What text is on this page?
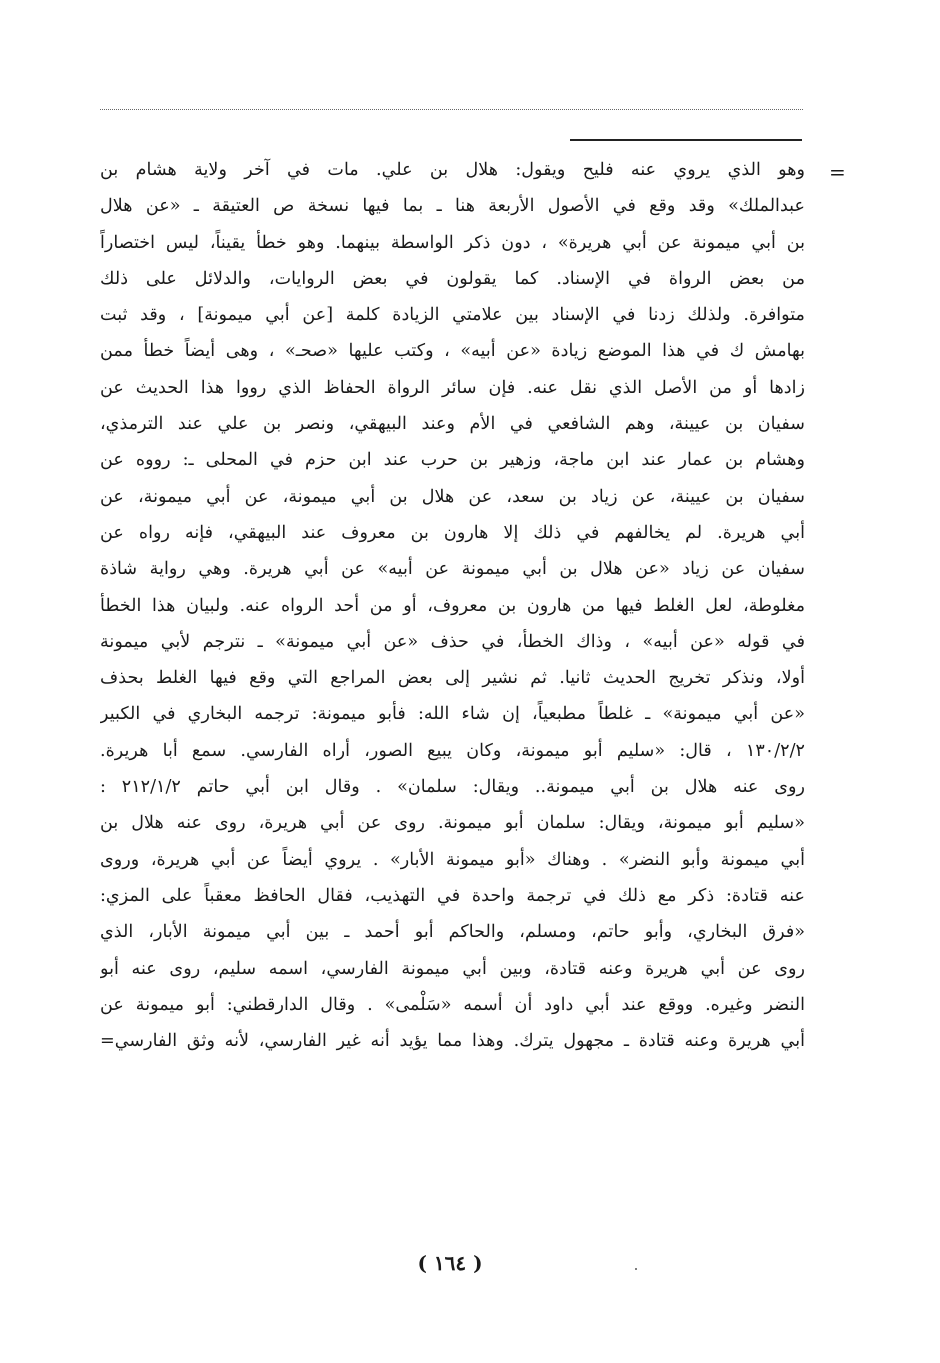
=
وهو الذي يروي عنه فليح ويقول: هلال بن علي. مات في آخر ولاية هشام بن
عبدالملك» وقد وقع في الأصول الأربعة هنا ـ بما فيها نسخة ص العتيقة ـ «عن هلال
بن أبي ميمونة عن أبي هريرة» ، دون ذكر الواسطة بينهما. وهو خطأ يقيناً، ليس اختصاراً
من بعض الرواة في الإسناد. كما يقولون في بعض الروايات، والدلائل على ذلك
متوافرة. ولذلك زدنا في الإسناد بين علامتي الزيادة كلمة [عن أبي ميمونة] ، وقد ثبت
بهامش ك في هذا الموضع زيادة «عن أبيه» ، وكتب عليها «صحـ» ، وهى أيضاً خطأ ممن
زادها أو من الأصل الذي نقل عنه. فإن سائر الرواة الحفاظ الذي رووا هذا الحديث عن
سفيان بن عيينة، وهم الشافعي في الأم وعند البيهقي، ونصر بن علي عند الترمذي،
وهشام بن عمار عند ابن ماجة، وزهير بن حرب عند ابن حزم في المحلى ـ: رووه عن
سفيان بن عيينة، عن زياد بن سعد، عن هلال بن أبي ميمونة، عن أبي ميمونة، عن
أبي هريرة. لم يخالفهم في ذلك إلا هارون بن معروف عند البيهقي، فإنه رواه عن
سفيان عن زياد «عن هلال بن أبي ميمونة عن أبيه» عن أبي هريرة. وهي رواية شاذة
مغلوطة، لعل الغلط فيها من هارون بن معروف، أو من أحد الرواه عنه. ولبيان هذا الخطأ
في قوله «عن أبيه» ، وذاك الخطأ، في حذف «عن أبي ميمونة» ـ نترجم لأبي ميمونة
أولا، ونذكر تخريج الحديث ثانيا. ثم نشير إلى بعض المراجع التي وقع فيها الغلط بحذف
«عن أبي ميمونة» ـ غلطاً مطبعياً، إن شاء الله: فأبو ميمونة: ترجمه البخاري في الكبير
١٣٠/٢/٢ ، قال: «سليم أبو ميمونة، وكان يبيع الصور، أراه الفارسي. سمع أبا هريرة.
روى عنه هلال بن أبي ميمونة.. ويقال: سلمان» . وقال ابن أبي حاتم ٢١٢/١/٢ :
«سليم أبو ميمونة، ويقال: سلمان أبو ميمونة. روى عن أبي هريرة، روى عنه هلال بن
أبي ميمونة وأبو النضر» . وهناك «أبو ميمونة الأبار» . يروي أيضاً عن أبي هريرة، وروى
عنه قتادة: ذكر مع ذلك في ترجمة واحدة في التهذيب، فقال الحافظ معقباً على المزي:
«فرق البخاري، وأبو حاتم، ومسلم، والحاكم أبو أحمد ـ بين أبي ميمونة الأبار، الذي
روى عن أبي هريرة وعنه قتادة، وبين أبي ميمونة الفارسي، اسمه سليم، روى عنه أبو
النضر وغيره. ووقع عند أبي داود أن أسمه «سَلْمى» . وقال الدارقطني: أبو ميمونة عن
أبي هريرة وعنه قتادة ـ مجهول يترك. وهذا مما يؤيد أنه غير الفارسي، لأنه وثق الفارسي=
( ١٦٤ )
